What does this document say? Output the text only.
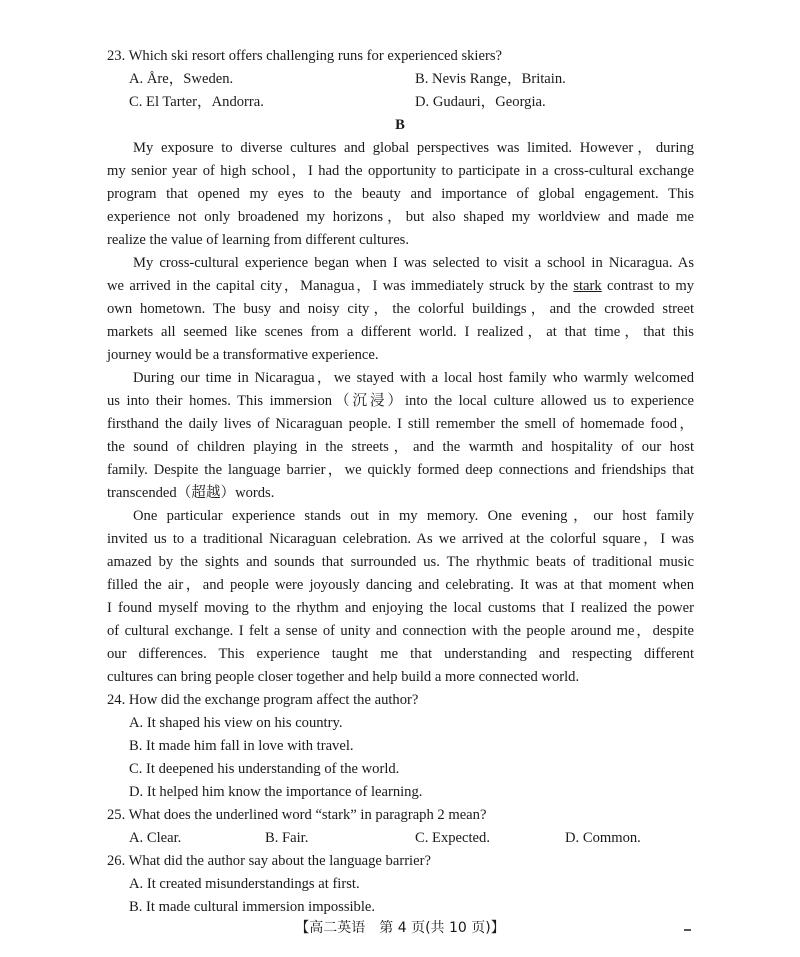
23. Which ski resort offers challenging runs for experienced skiers?
A. Åre，Sweden.	B. Nevis Range，Britain.
C. El Tarter，Andorra.	D. Gudauri，Georgia.
B
My exposure to diverse cultures and global perspectives was limited. However，during
my senior year of high school，I had the opportunity to participate in a cross-cultural exchange
program that opened my eyes to the beauty and importance of global engagement. This
experience not only broadened my horizons，but also shaped my worldview and made me
realize the value of learning from different cultures.
My cross-cultural experience began when I was selected to visit a school in Nicaragua. As
we arrived in the capital city，Managua，I was immediately struck by the stark contrast to my
own hometown. The busy and noisy city，the colorful buildings，and the crowded street
markets all seemed like scenes from a different world. I realized，at that time，that this
journey would be a transformative experience.
During our time in Nicaragua，we stayed with a local host family who warmly welcomed
us into their homes. This immersion（沉浸）into the local culture allowed us to experience
firsthand the daily lives of Nicaraguan people. I still remember the smell of homemade food，
the sound of children playing in the streets，and the warmth and hospitality of our host
family. Despite the language barrier，we quickly formed deep connections and friendships that
transcended（超越）words.
One particular experience stands out in my memory. One evening，our host family
invited us to a traditional Nicaraguan celebration. As we arrived at the colorful square，I was
amazed by the sights and sounds that surrounded us. The rhythmic beats of traditional music
filled the air，and people were joyously dancing and celebrating. It was at that moment when
I found myself moving to the rhythm and enjoying the local customs that I realized the power
of cultural exchange. I felt a sense of unity and connection with the people around me，despite
our differences. This experience taught me that understanding and respecting different
cultures can bring people closer together and help build a more connected world.
24. How did the exchange program affect the author?
A. It shaped his view on his country.
B. It made him fall in love with travel.
C. It deepened his understanding of the world.
D. It helped him know the importance of learning.
25. What does the underlined word “stark” in paragraph 2 mean?
A. Clear.	B. Fair.	C. Expected.	D. Common.
26. What did the author say about the language barrier?
A. It created misunderstandings at first.
B. It made cultural immersion impossible.
【高二英语　第 4 页(共 10 页)】
